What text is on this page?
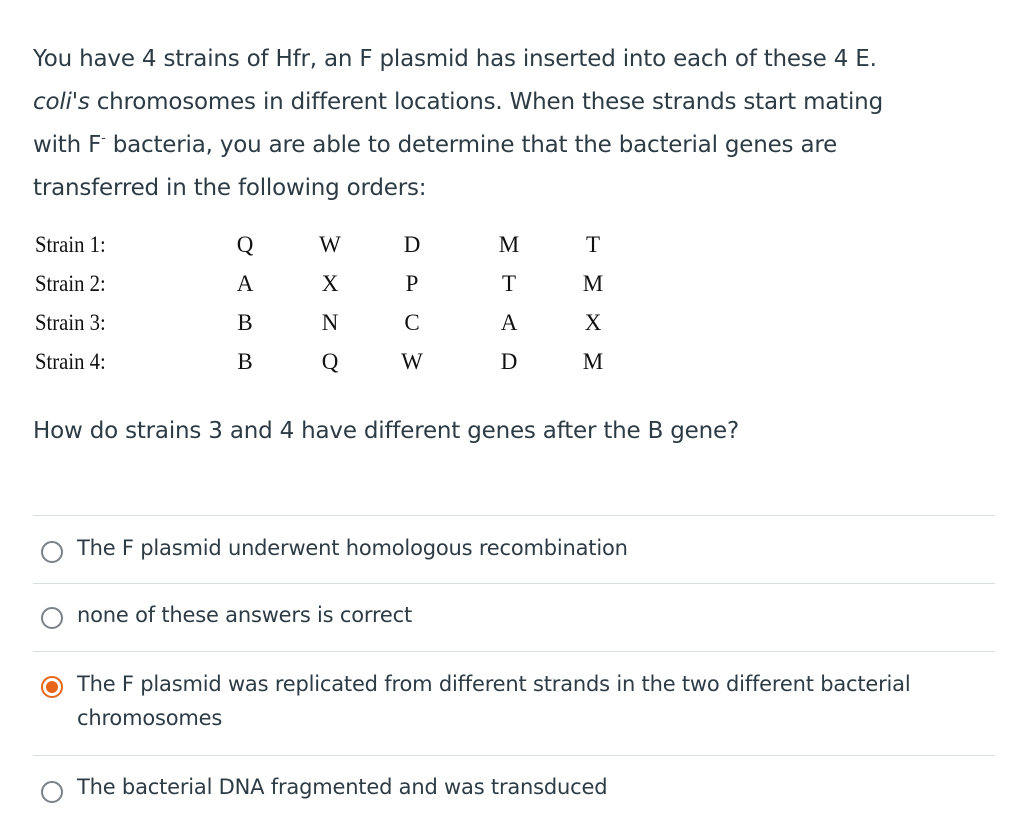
You have 4 strains of Hfr, an F plasmid has inserted into each of these 4 E.
coli's chromosomes in different locations. When these strands start mating
with F- bacteria, you are able to determine that the bacterial genes are
transferred in the following orders:
Strain 1:	Q	W	D	M	T
Strain 2:	A	X	P	T	M
Strain 3:	B	N	C	A	X
Strain 4:	B	Q	W	D	M
How do strains 3 and 4 have different genes after the B gene?
The F plasmid underwent homologous recombination
none of these answers is correct
The F plasmid was replicated from different strands in the two different bacterial chromosomes
The bacterial DNA fragmented and was transduced
